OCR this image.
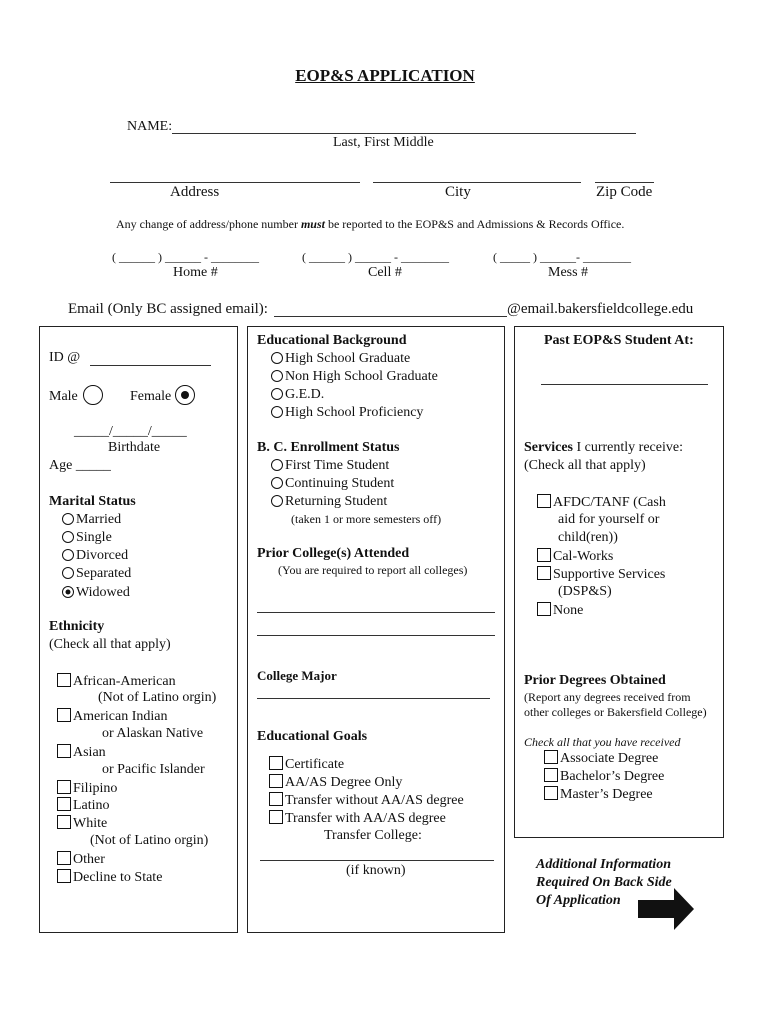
EOP&S APPLICATION
NAME:
Last, First Middle
Address	City	Zip Code
Any change of address/phone number must be reported to the EOP&S and Admissions & Records Office.
( ______ ) ______ - ________	( ______ ) ______ - ________	( _____ ) ______- ________
Home #	Cell #	Mess #
Email (Only BC assigned email):	@email.bakersfieldcollege.edu
ID @
Male	Female
_____/_____/_____
Birthdate
Age _____
Marital Status
Married
Single
Divorced
Separated
Widowed
Ethnicity
(Check all that apply)
African-American
(Not of Latino orgin)
American Indian
or Alaskan Native
Asian
or Pacific Islander
Filipino
Latino
White
(Not of Latino orgin)
Other
Decline to State
Educational Background
High School Graduate
Non High School Graduate
G.E.D.
High School Proficiency
B. C. Enrollment Status
First Time Student
Continuing Student
Returning Student
(taken 1 or more semesters off)
Prior College(s) Attended
(You are required to report all colleges)
College Major
Educational Goals
Certificate
AA/AS Degree Only
Transfer without AA/AS degree
Transfer with AA/AS degree
Transfer College:
(if known)
Past EOP&S Student At:
Services I currently receive:
(Check all that apply)
AFDC/TANF (Cash
aid for yourself or
child(ren))
Cal-Works
Supportive Services
(DSP&S)
None
Prior Degrees Obtained
(Report any degrees received from
other colleges or Bakersfield College)
Check all that you have received
Associate Degree
Bachelor’s Degree
Master’s Degree
Additional Information
Required On Back Side
Of Application
